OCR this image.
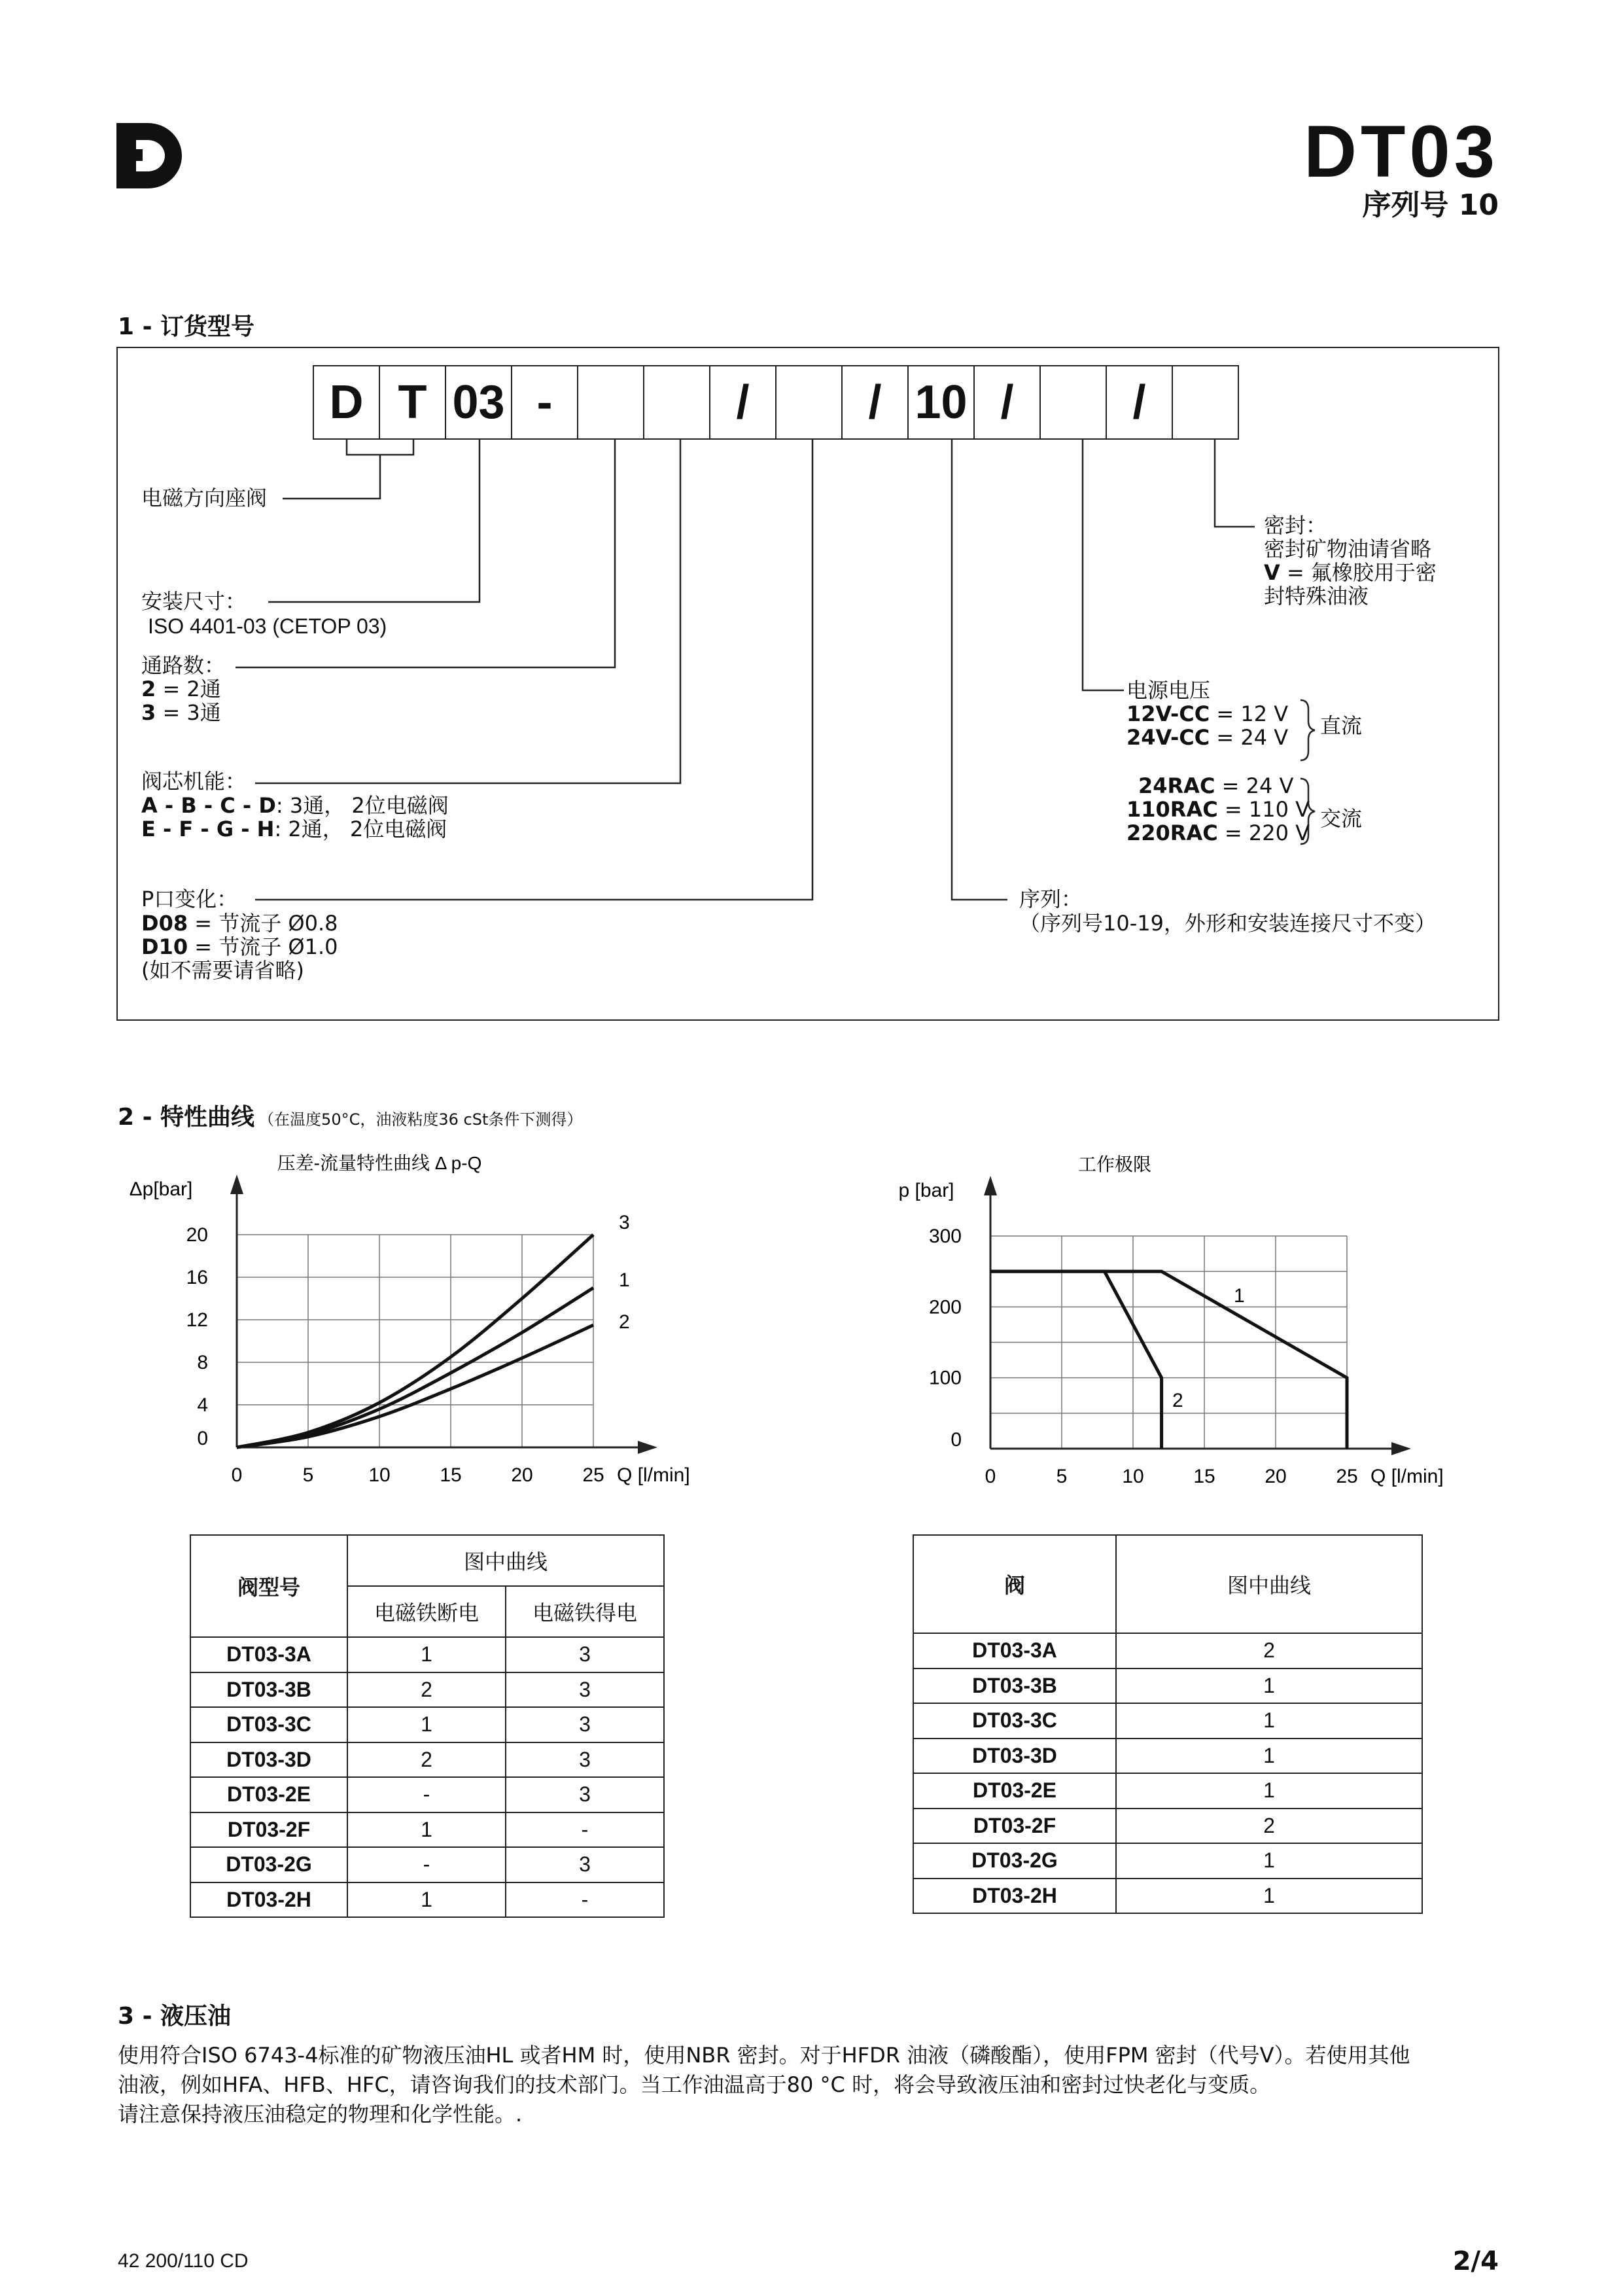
DT03
序列号 10
1 - 订货型号
D T 03 -	/	/ 10 /	/
电磁方向座阀
安装尺寸：
ISO 4401-03 (CETOP 03)
通路数：
2 = 2通
3 = 3通
阀芯机能：
A - B - C - D: 3通， 2位电磁阀
E - F - G - H: 2通， 2位电磁阀
P口变化：
D08 = 节流子 Ø0.8
D10 = 节流子 Ø1.0
(如不需要请省略)
密封：
密封矿物油请省略
V = 氟橡胶用于密
封特殊油液
电源电压
12V-CC = 12 V
24V-CC = 24 V 直流
24RAC = 24 V
110RAC = 110 V
220RAC = 220 V
交流
序列：
（序列号10-19，外形和安装连接尺寸不变）
2 - 特性曲线 （在温度50°C，油液粘度36 cSt条件下测得）
0	5	10	15	20	25
0
4
8
12
16
20
Q [l/min]
Δp[bar]
压差-流量特性曲线 Δ p-Q
3
1
2
0	5	10	15	20	25
0
100
200
300
Q [l/min]
p [bar]
工作极限
1
2
阀型号	图中曲线	
	电磁铁断电	电磁铁得电
DT03-3A	1	3
DT03-3B	2	3
DT03-3C	1	3
DT03-3D	2	3
DT03-2E	-	3
DT03-2F	1	-
DT03-2G	-	3
DT03-2H	1	-
阀	图中曲线
DT03-3A	2
DT03-3B	1
DT03-3C	1
DT03-3D	1
DT03-2E	1
DT03-2F	2
DT03-2G	1
DT03-2H	1
3 - 液压油
使用符合ISO 6743-4标准的矿物液压油HL 或者HM 时，使用NBR 密封。对于HFDR 油液（磷酸酯），使用FPM 密封（代号V）。若使用其他
油液，例如HFA、HFB、HFC，请咨询我们的技术部门。当工作油温高于80 °C 时，将会导致液压油和密封过快老化与变质。
请注意保持液压油稳定的物理和化学性能。.
42 200/110 CD	2/4
